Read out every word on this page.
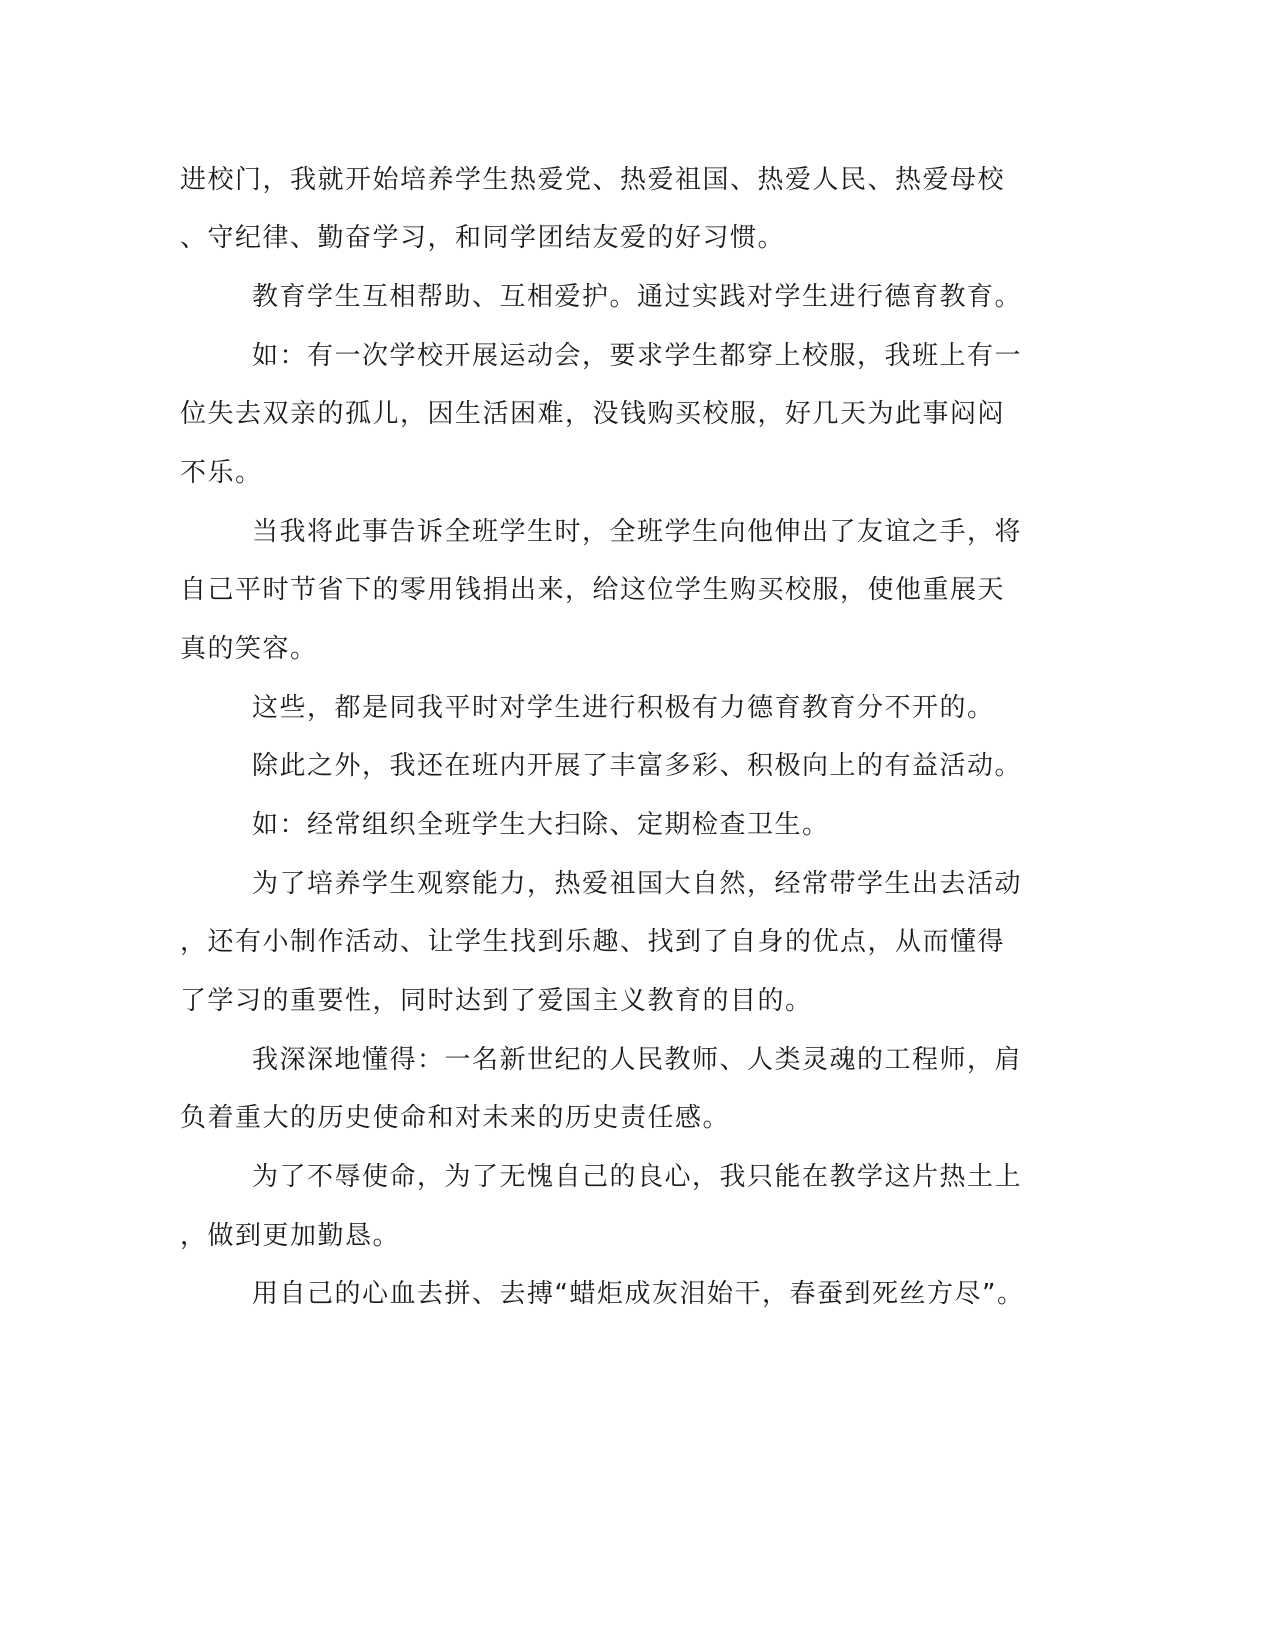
进校门，我就开始培养学生热爱党、热爱祖国、热爱人民、热爱母校
、守纪律、勤奋学习，和同学团结友爱的好习惯。
教育学生互相帮助、互相爱护。通过实践对学生进行德育教育。
如：有一次学校开展运动会，要求学生都穿上校服，我班上有一
位失去双亲的孤儿，因生活困难，没钱购买校服，好几天为此事闷闷
不乐。
当我将此事告诉全班学生时，全班学生向他伸出了友谊之手，将
自己平时节省下的零用钱捐出来，给这位学生购买校服，使他重展天
真的笑容。
这些，都是同我平时对学生进行积极有力德育教育分不开的。
除此之外，我还在班内开展了丰富多彩、积极向上的有益活动。
如：经常组织全班学生大扫除、定期检查卫生。
为了培养学生观察能力，热爱祖国大自然，经常带学生出去活动
，还有小制作活动、让学生找到乐趣、找到了自身的优点，从而懂得
了学习的重要性，同时达到了爱国主义教育的目的。
我深深地懂得：一名新世纪的人民教师、人类灵魂的工程师，肩
负着重大的历史使命和对未来的历史责任感。
为了不辱使命，为了无愧自己的良心，我只能在教学这片热土上
，做到更加勤恳。
用自己的心血去拼、去搏“蜡炬成灰泪始干，春蚕到死丝方尽”。
